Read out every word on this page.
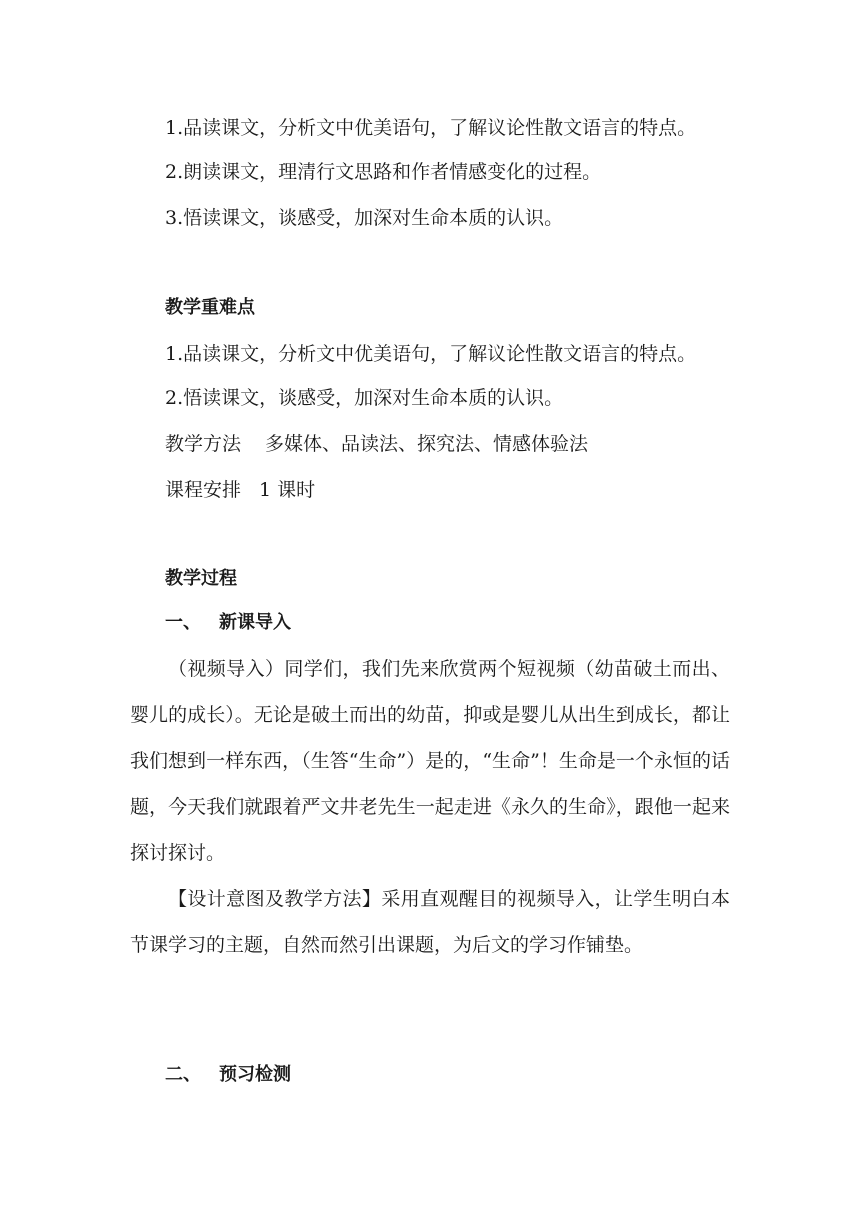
1.品读课文，分析文中优美语句，了解议论性散文语言的特点。
2.朗读课文，理清行文思路和作者情感变化的过程。
3.悟读课文，谈感受，加深对生命本质的认识。
教学重难点
1.品读课文，分析文中优美语句，了解议论性散文语言的特点。
2.悟读课文，谈感受，加深对生命本质的认识。
教学方法 多媒体、品读法、探究法、情感体验法
课程安排 1 课时
教学过程
一、 新课导入

（视频导入）同学们，我们先来欣赏两个短视频（幼苗破土而出、婴儿的成长）。无论是破土而出的幼苗，抑或是婴儿从出生到成长，都让我们想到一样东西，（生答“生命”）是的，“生命”！生命是一个永恒的话题，今天我们就跟着严文井老先生一起走进《永久的生命》，跟他一起来探讨探讨。

【设计意图及教学方法】采用直观醒目的视频导入，让学生明白本节课学习的主题，自然而然引出课题，为后文的学习作铺垫。

二、 预习检测
